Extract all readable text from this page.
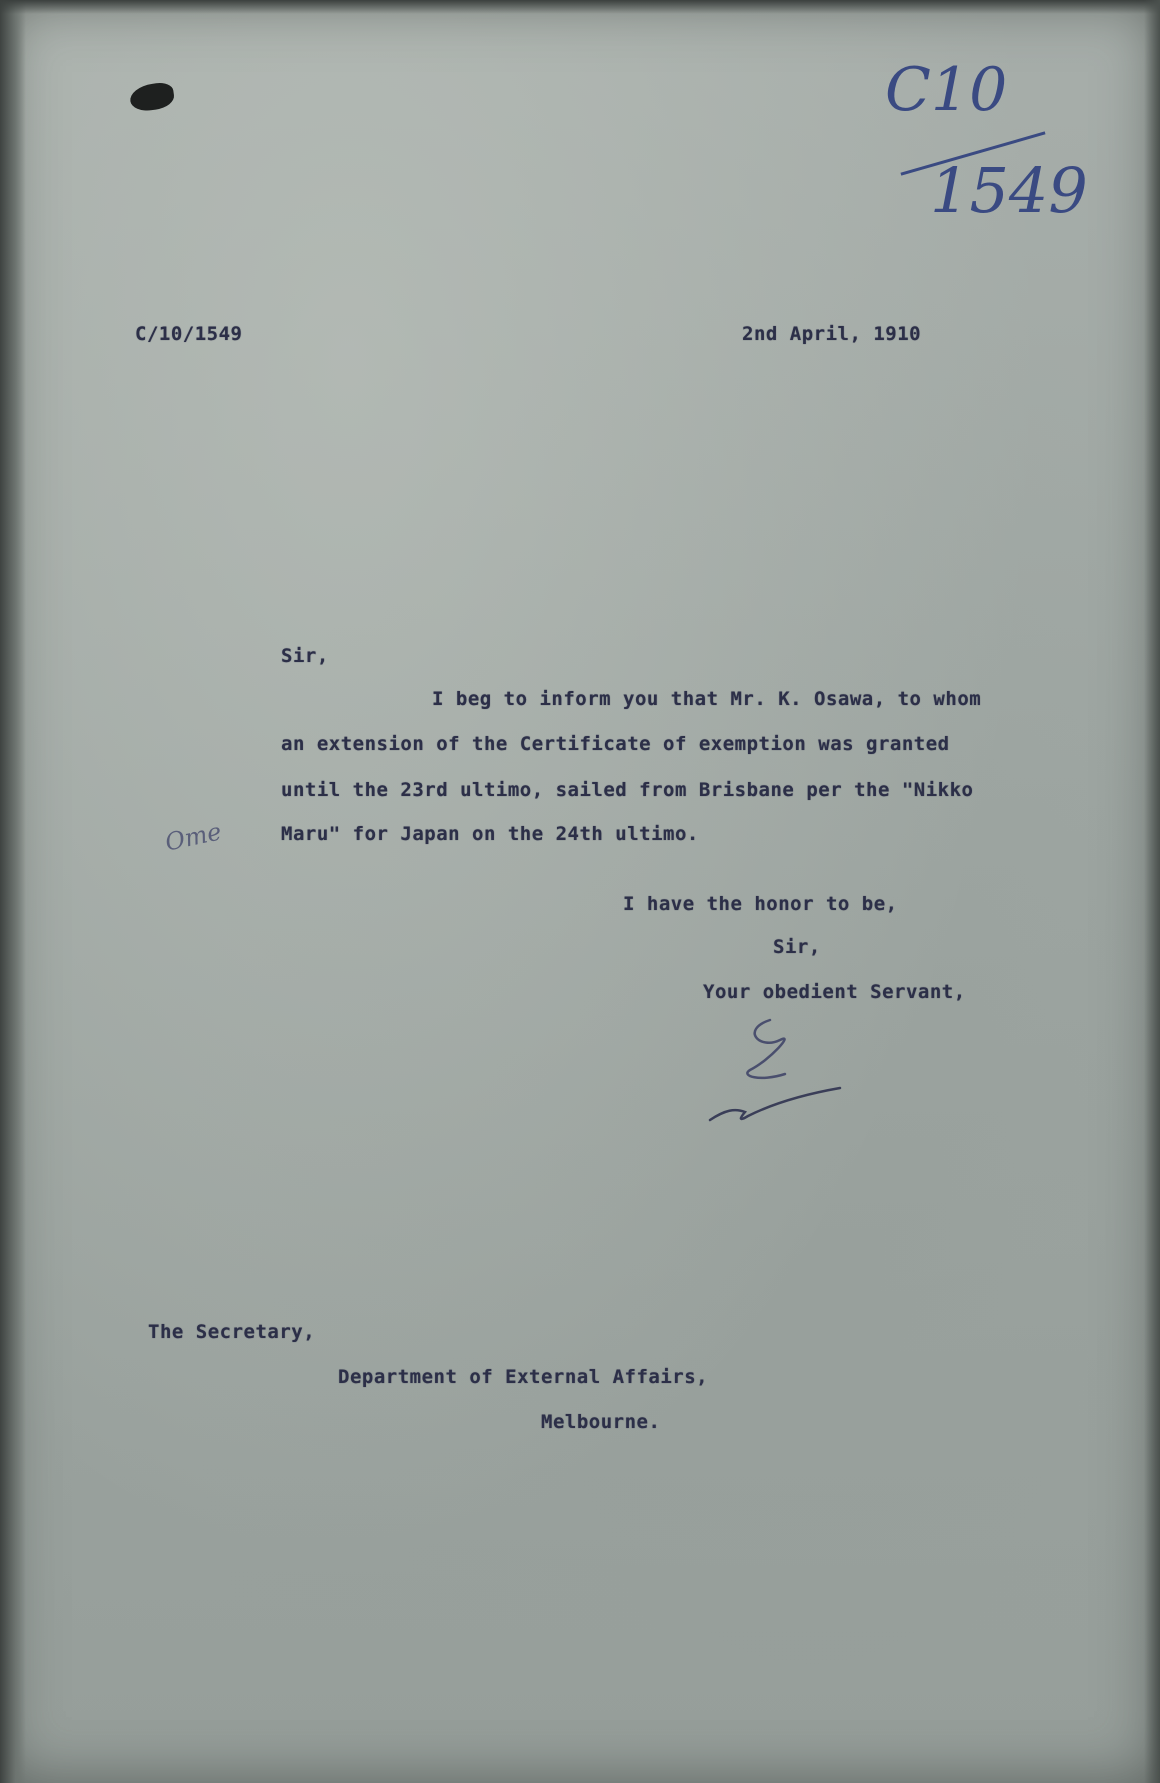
C10
1549
C/10/1549	2nd April, 1910
Sir,
I beg to inform you that Mr. K. Osawa, to whom
an extension of the Certificate of exemption was granted
until the 23rd ultimo, sailed from Brisbane per the "Nikko
Maru" for Japan on the 24th ultimo.
Ome
I have the honor to be,
Sir,
Your obedient Servant,
The Secretary,
Department of External Affairs,
Melbourne.
